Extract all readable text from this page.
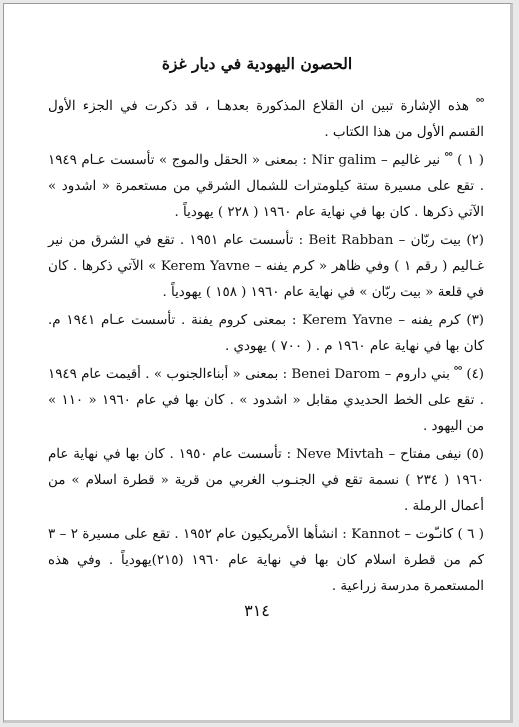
الحصون اليهودية في ديار غزة

ﹾﹾ هذه الإشارة تبين ان القلاع المذكورة بعدهـا ، قد ذكرت في الجزء الأول القسم الأول من هذا الكتاب .

( ١ ) ﹾﹾ نير غاليم – Nir galim : بمعنى « الحقل والموج » تأسست عـام ١٩٤٩ . تقع على مسيرة ستة كيلومترات للشمال الشرقي من مستعمرة « اشدود » الآتي ذكرها . كان بها في نهاية عام ١٩٦٠ ( ٢٢٨ ) يهودياً .

(٢) بيت ربّان – Beit Rabban : تأسست عام ١٩٥١ . تقع في الشرق من نير غـاليم ( رقم ١ ) وفي ظاهر « كرم يفنه – Kerem Yavne » الآتي ذكرها . كان في قلعة « بيت ربّان » في نهاية عام ١٩٦٠ ( ١٥٨ ) يهودياً .

(٣) كرم يفنه – Kerem Yavne : بمعنى كروم يفنة . تأسست عـام ١٩٤١ م. كان بها في نهاية عام ١٩٦٠ م . ( ٧٠٠ ) يهودي .

(٤) ﹾﹾ بني داروم – Benei Darom : بمعنى « أبناءالجنوب » . أقيمت عام ١٩٤٩ . تقع على الخط الحديدي مقابل « اشدود » . كان بها في عام ١٩٦٠ « ١١٠ » من اليهود .

(٥) نيفى مفتاح – Neve Mivtah : تأسست عام ١٩٥٠ . كان بها في نهاية عام ١٩٦٠ ( ٢٣٤ ) نسمة تقع في الجنـوب الغربي من قرية « قطرة اسلام » من أعمال الرملة .

( ٦ ) كانـّوت – Kannot : انشأها الأمريكيون عام ١٩٥٢ . تقع على مسيرة ٢ – ٣ كم من قطرة اسلام كان بها في نهاية عام ١٩٦٠ (٢١٥)يهودياً . وفي هذه المستعمرة مدرسة زراعية .

٣١٤
